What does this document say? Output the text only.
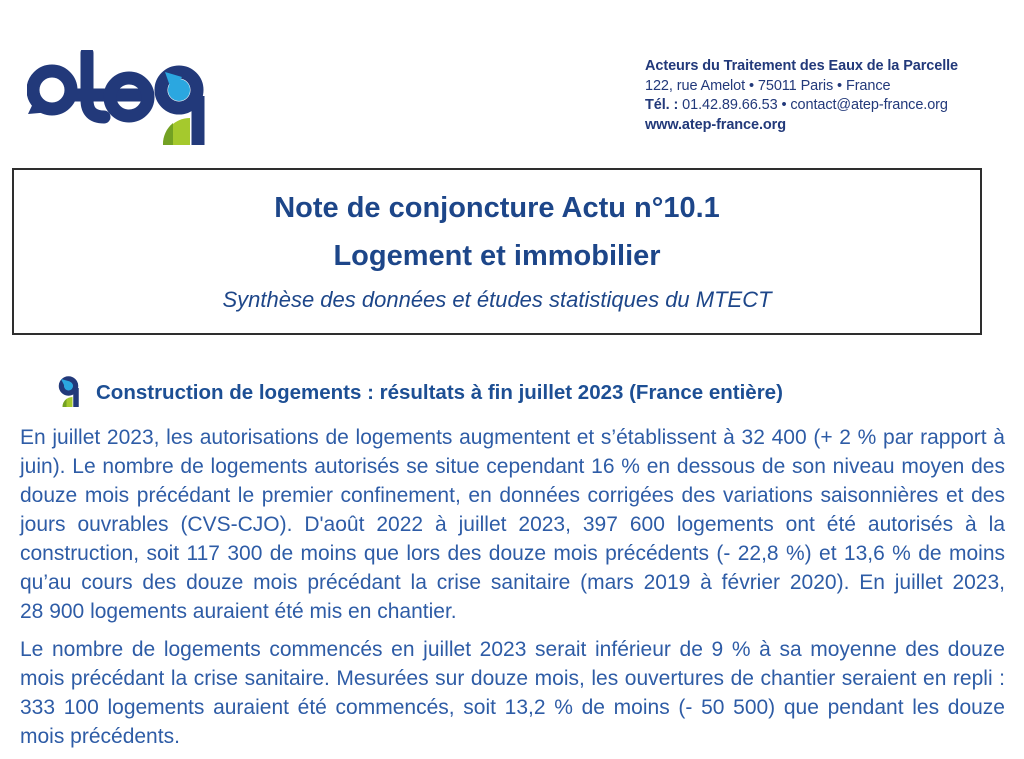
Acteurs du Traitement des Eaux de la Parcelle
122, rue Amelot • 75011 Paris • France
Tél. : 01.42.89.66.53 • contact@atep-france.org
www.atep-france.org
Note de conjoncture Actu n°10.1
Logement et immobilier
Synthèse des données et études statistiques du MTECT
Construction de logements : résultats à fin juillet 2023 (France entière)

En juillet 2023, les autorisations de logements augmentent et s’établissent à 32 400 (+ 2 % par rapport à juin). Le nombre de logements autorisés se situe cependant 16 % en dessous de son niveau moyen des douze mois précédant le premier confinement, en données corrigées des variations saisonnières et des jours ouvrables (CVS-CJO). D'août 2022 à juillet 2023, 397 600 logements ont été autorisés à la construction, soit 117 300 de moins que lors des douze mois précédents (- 22,8 %) et 13,6 % de moins qu’au cours des douze mois précédant la crise sanitaire (mars 2019 à février 2020). En juillet 2023, 28 900 logements auraient été mis en chantier.

Le nombre de logements commencés en juillet 2023 serait inférieur de 9 % à sa moyenne des douze mois précédant la crise sanitaire. Mesurées sur douze mois, les ouvertures de chantier seraient en repli : 333 100 logements auraient été commencés, soit 13,2 % de moins (- 50 500) que pendant les douze mois précédents.
